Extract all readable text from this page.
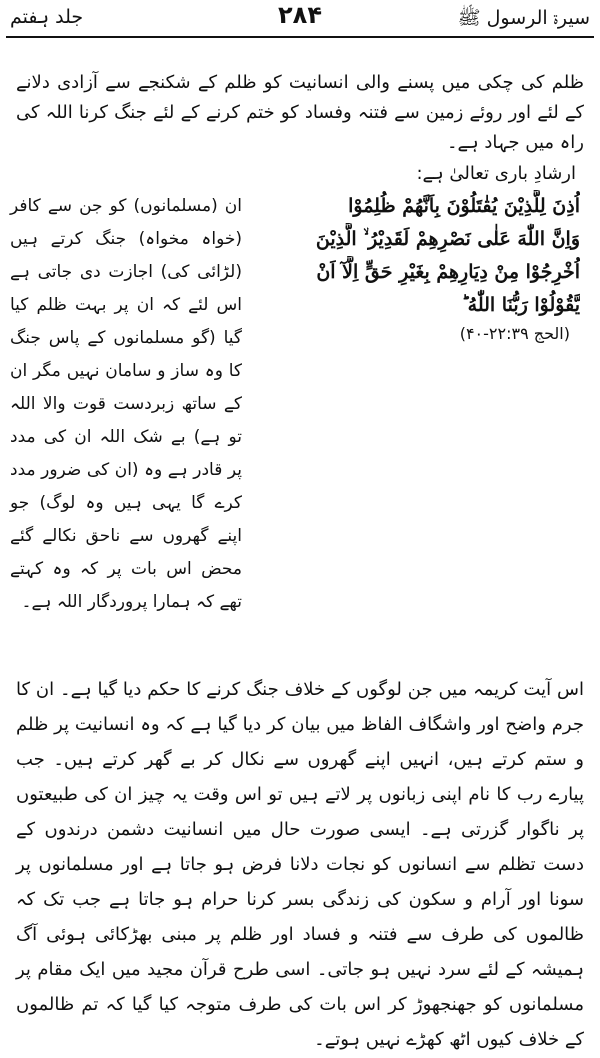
جلد ہفتم	۲۸۴	سیرۃ الرسول ﷺ

ظلم کی چکی میں پسنے والی انسانیت کو ظلم کے شکنجے سے آزادی دلانے کے لئے اور روئے زمین سے فتنہ وفساد کو ختم کرنے کے لئے جنگ کرنا اللہ کی راہ میں جہاد ہے۔

ارشادِ باری تعالیٰ ہے:
اُذِنَ لِلَّذِيْنَ يُقٰتَلُوْنَ بِاَنَّهُمْ ظُلِمُوْا
وَاِنَّ اللّٰهَ عَلٰى نَصْرِهِمْ لَقَدِيْرُ ۙ الَّذِيْنَ
اُخْرِجُوْا مِنْ دِيَارِهِمْ بِغَيْرِ حَقٍّ اِلَّآ اَنْ
يَّقُوْلُوْا رَبُّنَا اللّٰهُ ؕ
(الحج ۲۲:۳۹-۴۰)
ان (مسلمانوں) کو جن سے کافر (خواہ مخواہ) جنگ کرتے ہیں (لڑائی کی) اجازت دی جاتی ہے اس لئے کہ ان پر بہت ظلم کیا گیا (گو مسلمانوں کے پاس جنگ کا وہ ساز و سامان نہیں مگر ان کے ساتھ زبردست قوت والا اللہ تو ہے) بے شک اللہ ان کی مدد پر قادر ہے وہ (ان کی ضرور مدد کرے گا یہی ہیں وہ لوگ) جو اپنے گھروں سے ناحق نکالے گئے محض اس بات پر کہ وہ کہتے تھے کہ ہمارا پروردگار اللہ ہے۔
اس آیت کریمہ میں جن لوگوں کے خلاف جنگ کرنے کا حکم دیا گیا ہے۔ ان کا جرم واضح اور واشگاف الفاظ میں بیان کر دیا گیا ہے کہ وہ انسانیت پر ظلم و ستم کرتے ہیں، انہیں اپنے گھروں سے نکال کر بے گھر کرتے ہیں۔ جب پیارے رب کا نام اپنی زبانوں پر لاتے ہیں تو اس وقت یہ چیز ان کی طبیعتوں پر ناگوار گزرتی ہے۔ ایسی صورت حال میں انسانیت دشمن درندوں کے دست تظلم سے انسانوں کو نجات دلانا فرض ہو جاتا ہے اور مسلمانوں پر سونا اور آرام و سکون کی زندگی بسر کرنا حرام ہو جاتا ہے جب تک کہ ظالموں کی طرف سے فتنہ و فساد اور ظلم پر مبنی بھڑکائی ہوئی آگ ہمیشہ کے لئے سرد نہیں ہو جاتی۔ اسی طرح قرآن مجید میں ایک مقام پر مسلمانوں کو جھنجھوڑ کر اس بات کی طرف متوجہ کیا گیا کہ تم ظالموں کے خلاف کیوں اٹھ کھڑے نہیں ہوتے۔
